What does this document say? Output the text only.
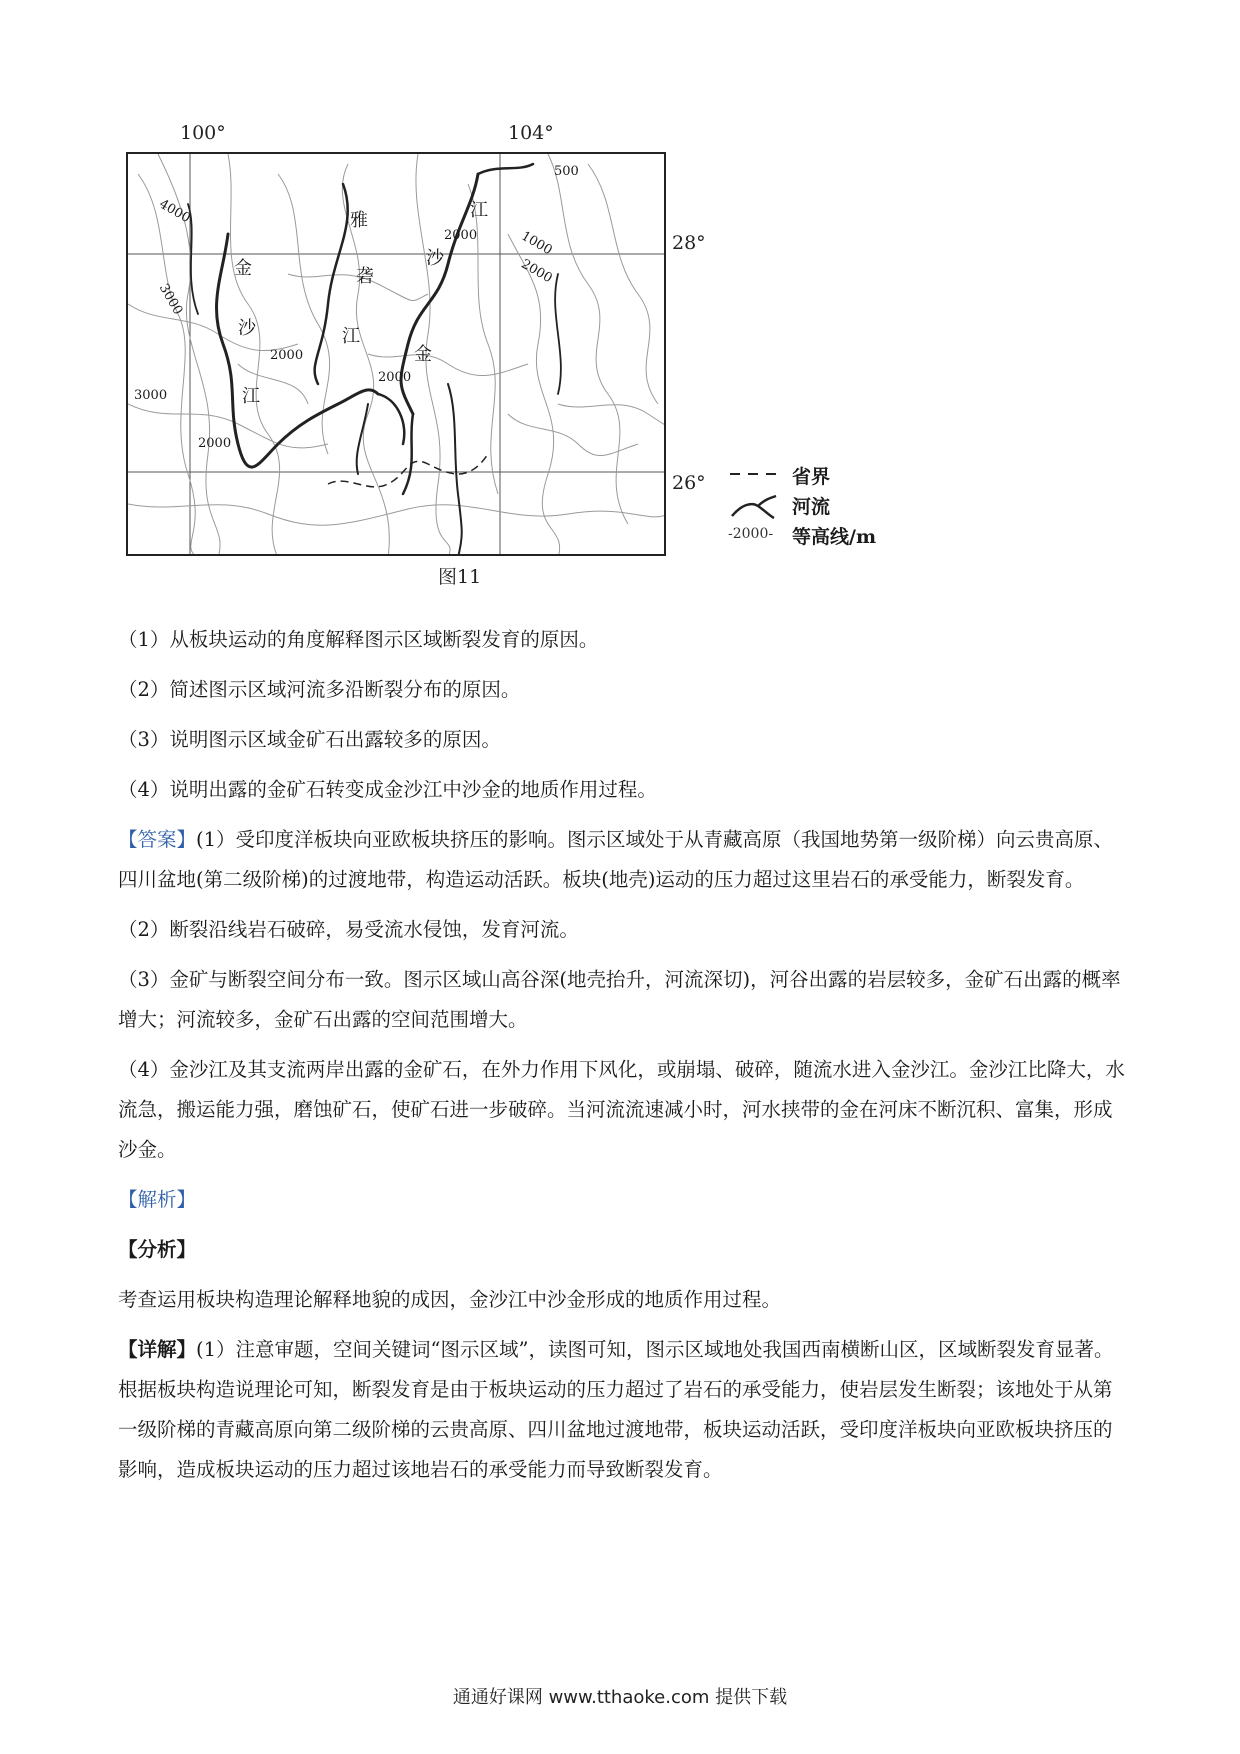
100°	104°
28°
26°
金
沙
江
雅
砻
江
江
沙
金
500
1000
2000
2000
4000
3000
3000
2000
2000
2000
省界
河流
-2000- 等高线/m
图11

（1）从板块运动的角度解释图示区域断裂发育的原因。

（2）简述图示区域河流多沿断裂分布的原因。

（3）说明图示区域金矿石出露较多的原因。

（4）说明出露的金矿石转变成金沙江中沙金的地质作用过程。

【答案】(1）受印度洋板块向亚欧板块挤压的影响。图示区域处于从青藏高原（我国地势第一级阶梯）向云贵高原、四川盆地(第二级阶梯)的过渡地带，构造运动活跃。板块(地壳)运动的压力超过这里岩石的承受能力，断裂发育。

（2）断裂沿线岩石破碎，易受流水侵蚀，发育河流。

（3）金矿与断裂空间分布一致。图示区域山高谷深(地壳抬升，河流深切)，河谷出露的岩层较多，金矿石出露的概率增大；河流较多，金矿石出露的空间范围增大。

（4）金沙江及其支流两岸出露的金矿石，在外力作用下风化，或崩塌、破碎，随流水进入金沙江。金沙江比降大，水流急，搬运能力强，磨蚀矿石，使矿石进一步破碎。当河流流速减小时，河水挟带的金在河床不断沉积、富集，形成沙金。

【解析】

【分析】

考查运用板块构造理论解释地貌的成因，金沙江中沙金形成的地质作用过程。

【详解】(1）注意审题，空间关键词“图示区域”，读图可知，图示区域地处我国西南横断山区，区域断裂发育显著。根据板块构造说理论可知，断裂发育是由于板块运动的压力超过了岩石的承受能力，使岩层发生断裂；该地处于从第一级阶梯的青藏高原向第二级阶梯的云贵高原、四川盆地过渡地带，板块运动活跃，受印度洋板块向亚欧板块挤压的影响，造成板块运动的压力超过该地岩石的承受能力而导致断裂发育。

通通好课网 www.tthaoke.com 提供下载
